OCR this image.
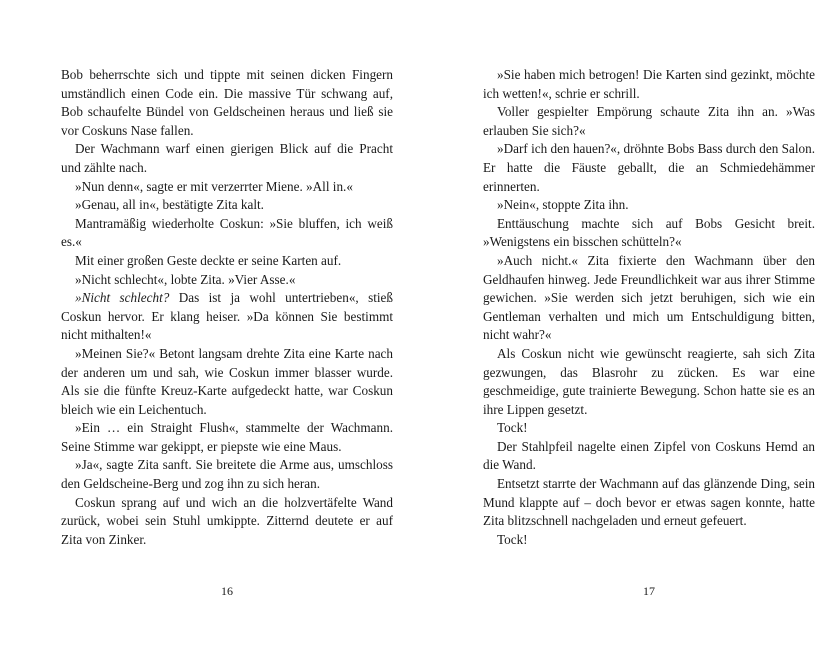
Bob beherrschte sich und tippte mit seinen dicken Fingern umständlich einen Code ein. Die massive Tür schwang auf, Bob schaufelte Bündel von Geldscheinen heraus und ließ sie vor Coskuns Nase fallen.

Der Wachmann warf einen gierigen Blick auf die Pracht und zählte nach.

»Nun denn«, sagte er mit verzerrter Miene. »All in.«

»Genau, all in«, bestätigte Zita kalt.

Mantramäßig wiederholte Coskun: »Sie bluffen, ich weiß es.«

Mit einer großen Geste deckte er seine Karten auf.

»Nicht schlecht«, lobte Zita. »Vier Asse.«

»Nicht schlecht? Das ist ja wohl untertrieben«, stieß Coskun hervor. Er klang heiser. »Da können Sie bestimmt nicht mithalten!«

»Meinen Sie?« Betont langsam drehte Zita eine Karte nach der anderen um und sah, wie Coskun immer blasser wurde. Als sie die fünfte Kreuz-Karte aufgedeckt hatte, war Coskun bleich wie ein Leichentuch.

»Ein … ein Straight Flush«, stammelte der Wachmann. Seine Stimme war gekippt, er piepste wie eine Maus.

»Ja«, sagte Zita sanft. Sie breitete die Arme aus, umschloss den Geldscheine-Berg und zog ihn zu sich heran.

Coskun sprang auf und wich an die holzvertäfelte Wand zurück, wobei sein Stuhl umkippte. Zitternd deutete er auf Zita von Zinker.

»Sie haben mich betrogen! Die Karten sind gezinkt, möchte ich wetten!«, schrie er schrill.

Voller gespielter Empörung schaute Zita ihn an. »Was erlauben Sie sich?«

»Darf ich den hauen?«, dröhnte Bobs Bass durch den Salon. Er hatte die Fäuste geballt, die an Schmiedehämmer erinnerten.

»Nein«, stoppte Zita ihn.

Enttäuschung machte sich auf Bobs Gesicht breit. »Wenigstens ein bisschen schütteln?«

»Auch nicht.« Zita fixierte den Wachmann über den Geldhaufen hinweg. Jede Freundlichkeit war aus ihrer Stimme gewichen. »Sie werden sich jetzt beruhigen, sich wie ein Gentleman verhalten und mich um Entschuldigung bitten, nicht wahr?«

Als Coskun nicht wie gewünscht reagierte, sah sich Zita gezwungen, das Blasrohr zu zücken. Es war eine geschmeidige, gute trainierte Bewegung. Schon hatte sie es an ihre Lippen gesetzt.

Tock!

Der Stahlpfeil nagelte einen Zipfel von Coskuns Hemd an die Wand.

Entsetzt starrte der Wachmann auf das glänzende Ding, sein Mund klappte auf – doch bevor er etwas sagen konnte, hatte Zita blitzschnell nachgeladen und erneut gefeuert.

Tock!

16	17
